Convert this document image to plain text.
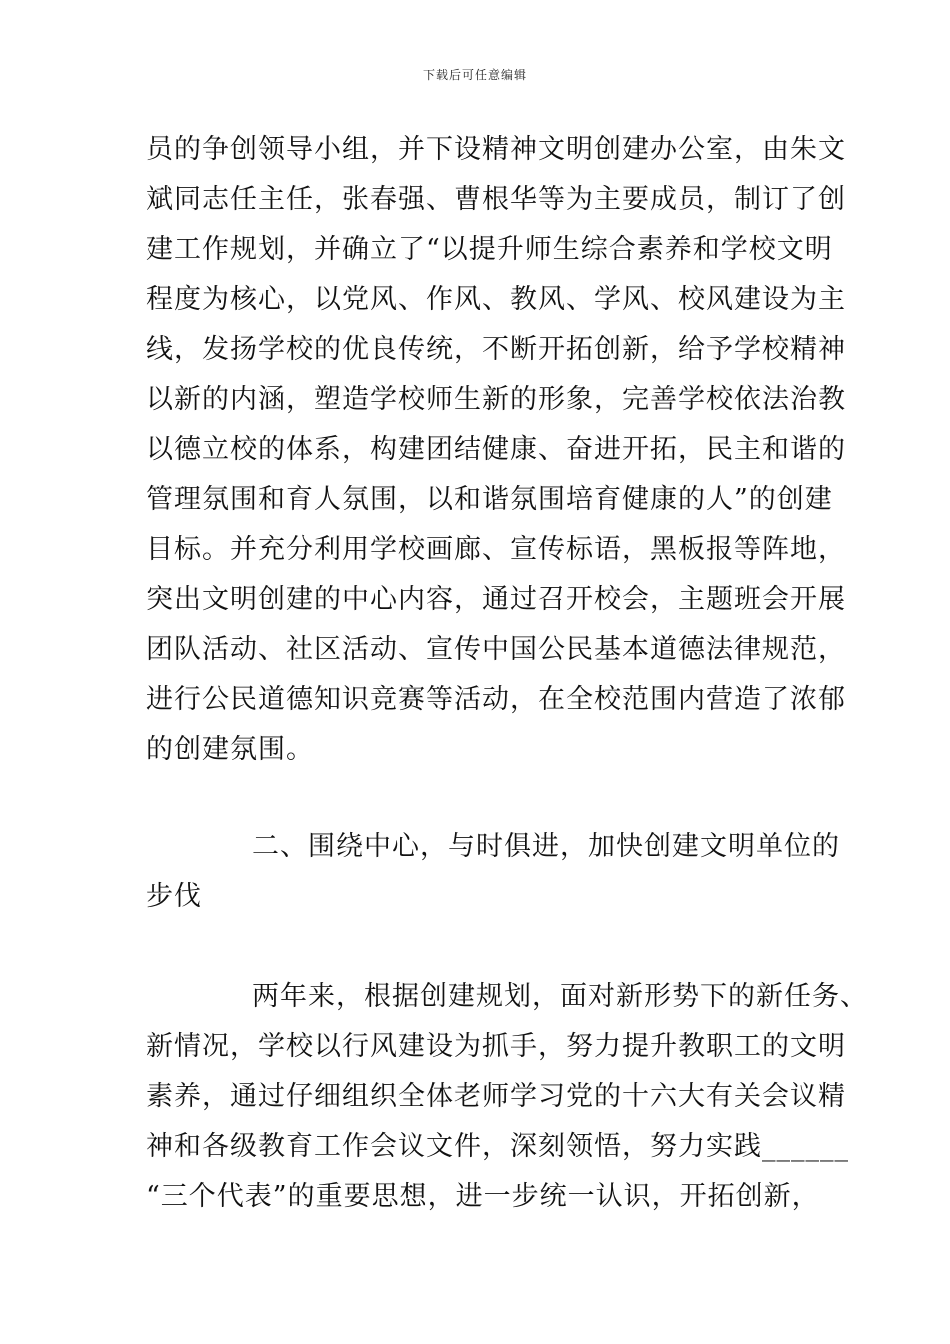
下载后可任意编辑
员的争创领导小组，并下设精神文明创建办公室，由朱文
斌同志任主任，张春强、曹根华等为主要成员，制订了创
建工作规划，并确立了“以提升师生综合素养和学校文明
程度为核心，以党风、作风、教风、学风、校风建设为主
线，发扬学校的优良传统，不断开拓创新，给予学校精神
以新的内涵，塑造学校师生新的形象，完善学校依法治教
以德立校的体系，构建团结健康、奋进开拓，民主和谐的
管理氛围和育人氛围，以和谐氛围培育健康的人”的创建
目标。并充分利用学校画廊、宣传标语，黑板报等阵地，
突出文明创建的中心内容，通过召开校会，主题班会开展
团队活动、社区活动、宣传中国公民基本道德法律规范，
进行公民道德知识竞赛等活动，在全校范围内营造了浓郁
的创建氛围。
二、围绕中心，与时俱进，加快创建文明单位的
步伐
两年来，根据创建规划，面对新形势下的新任务、
新情况，学校以行风建设为抓手，努力提升教职工的文明
素养，通过仔细组织全体老师学习党的十六大有关会议精
神和各级教育工作会议文件，深刻领悟，努力实践______
“三个代表”的重要思想，进一步统一认识，开拓创新，
